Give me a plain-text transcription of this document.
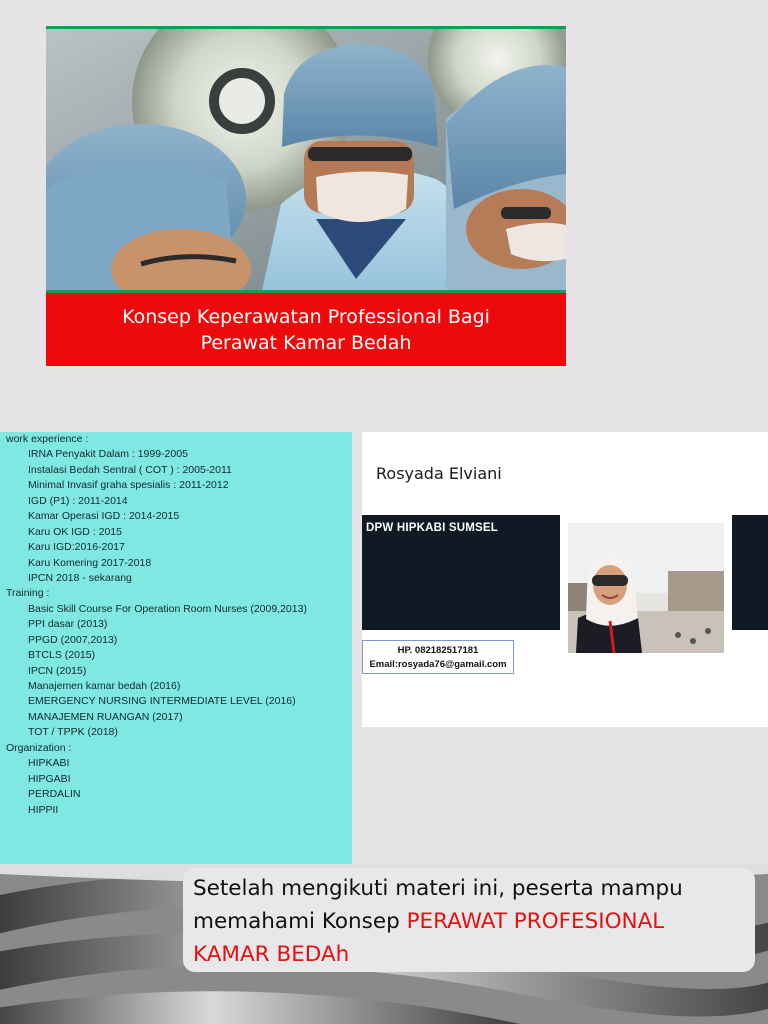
Konsep Keperawatan Professional Bagi
Perawat Kamar Bedah
work experience :
IRNA Penyakit Dalam : 1999-2005
Instalasi Bedah Sentral ( COT ) : 2005-2011
Minimal Invasif graha spesialis : 2011-2012
IGD (P1) : 2011-2014
Kamar Operasi IGD : 2014-2015
Karu OK IGD : 2015
Karu IGD:2016-2017
Karu Komering 2017-2018
IPCN 2018 - sekarang
Training :
Basic Skill Course For Operation Room Nurses (2009,2013)
PPI dasar (2013)
PPGD (2007,2013)
BTCLS (2015)
IPCN (2015)
Manajemen kamar bedah (2016)
EMERGENCY NURSING INTERMEDIATE LEVEL (2016)
MANAJEMEN RUANGAN (2017)
TOT / TPPK (2018)
Organization :
HIPKABI
HIPGABI
PERDALIN
HIPPII
Rosyada Elviani
DPW HIPKABI SUMSEL
HP. 082182517181
Email:rosyada76@gamail.com
Setelah mengikuti materi ini, peserta mampu
memahami Konsep PERAWAT PROFESIONAL
KAMAR BEDAh
